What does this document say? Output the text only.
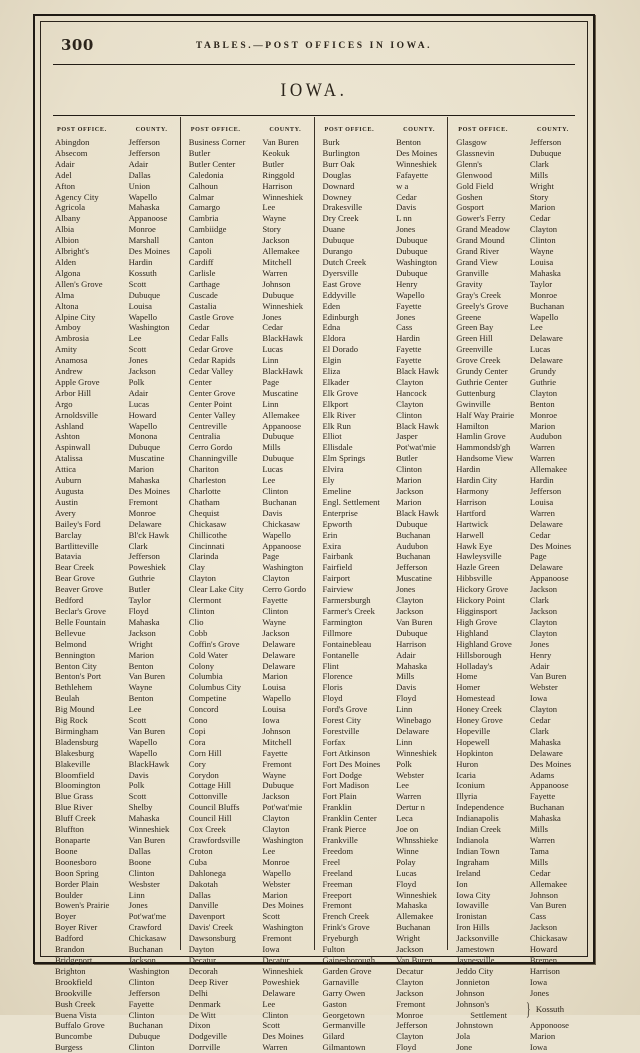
300	TABLES.—POST OFFICES IN IOWA.
IOWA.
POST OFFICE.	COUNTY.
Abingdon	Jefferson
Absecom	Jefferson
Adair	Adair
Adel	Dallas
Afton	Union
Agency City	Wapello
Agricola	Mahaska
Albany	Appanoose
Albia	Monroe
Albion	Marshall
Albright's	Des Moines
Alden	Hardin
Algona	Kossuth
Allen's Grove	Scott
Alma	Dubuque
Altona	Louisa
Alpine City	Wapello
Amboy	Washington
Ambrosia	Lee
Amity	Scott
Anamosa	Jones
Andrew	Jackson
Apple Grove	Polk
Arbor Hill	Adair
Argo	Lucas
Arnoldsville	Howard
Ashland	Wapello
Ashton	Monona
Aspinwall	Dubuque
Atalissa	Muscatine
Attica	Marion
Auburn	Mahaska
Augusta	Des Moines
Austin	Fremont
Avery	Monroe
Bailey's Ford	Delaware
Barclay	Bl'ck Hawk
Bartlitteville	Clark
Batavia	Jefferson
Bear Creek	Poweshiek
Bear Grove	Guthrie
Beaver Grove	Butler
Bedford	Taylor
Beclar's Grove	Floyd
Belle Fountain	Mahaska
Bellevue	Jackson
Belmond	Wright
Bennington	Marion
Benton City	Benton
Benton's Port	Van Buren
Bethlehem	Wayne
Beulah	Benton
Big Mound	Lee
Big Rock	Scott
Birmingham	Van Buren
Bladensburg	Wapello
Blakesburg	Wapello
Blakeville	BlackHawk
Bloomfield	Davis
Bloomington	Polk
Blue Grass	Scott
Blue River	Shelby
Bluff Creek	Mahaska
Bluffton	Winneshiek
Bonaparte	Van Buren
Boone	Dallas
Boonesboro	Boone
Boon Spring	Clinton
Border Plain	Wesbster
Boulder	Linn
Bowen's Prairie	Jones
Boyer	Pot'wat'me
Boyer River	Crawford
Badford	Chickasaw
Brandon	Buchanan
Bridgeport	Jackson
Brighton	Washington
Brookfield	Clinton
Brookville	Jefferson
Bush Creek	Fayette
Buena Vista	Clinton
Buffalo Grove	Buchanan
Buncombe	Dubuque
Burgess	Clinton
POST OFFICE.	COUNTY.
Business Corner	Van Buren
Butler	Keokuk
Butler Center	Butler
Caledonia	Ringgold
Calhoun	Harrison
Calmar	Winneshiek
Camargo	Lee
Cambria	Wayne
Cambiidge	Story
Canton	Jackson
Capoli	Allemakee
Cardiff	Mitchell
Carlisle	Warren
Carthage	Johnson
Cuscade	Dubuque
Castalia	Winneshiek
Castle Grove	Jones
Cedar	Cedar
Cedar Falls	BlackHawk
Cedar Grove	Lucas
Cedar Rapids	Linn
Cedar Valley	BlackHawk
Center	Page
Center Grove	Muscatine
Center Point	Linn
Center Valley	Allemakee
Centreville	Appanoose
Centralia	Dubuque
Cerro Gordo	Mills
Channingville	Dubuque
Chariton	Lucas
Charleston	Lee
Charlotte	Clinton
Chatham	Buchanan
Chequist	Davis
Chickasaw	Chickasaw
Chillicothe	Wapello
Cincinnati	Appanoose
Clarinda	Page
Clay	Washington
Clayton	Clayton
Clear Lake City	Cerro Gordo
Clermont	Fayette
Clinton	Clinton
Clio	Wayne
Cobb	Jackson
Coffin's Grove	Delaware
Cold Water	Delaware
Colony	Delaware
Columbia	Marion
Columbus City	Louisa
Competine	Wapello
Concord	Louisa
Cono	Iowa
Copi	Johnson
Cora	Mitchell
Corn Hill	Fayette
Cory	Fremont
Corydon	Wayne
Cottage Hill	Dubuque
Cottonville	Jackson
Council Bluffs	Pot'wat'mie
Council Hill	Clayton
Cox Creek	Clayton
Crawfordsville	Washington
Croton	Lee
Cuba	Monroe
Dahlonega	Wapello
Dakotah	Webster
Dallas	Marion
Danville	Des Moines
Davenport	Scott
Davis' Creek	Washington
Dawsonsburg	Fremont
Dayton	Iowa
Decatur	Decatur
Decorah	Winneshiek
Deep River	Poweshiek
Delhi	Delaware
Denmark	Lee
De Witt	Clinton
Dixon	Scott
Dodgeville	Des Moines
Dorrville	Warren
POST OFFICE.	COUNTY.
Burk	Benton
Burlington	Des Moines
Burr Oak	Winneshiek
Douglas	Fafayette
Downard	w a
Downey	Cedar
Drakesville	Davis
Dry Creek	L nn
Duane	Jones
Dubuque	Dubuque
Durango	Dubuque
Dutch Creek	Washington
Dyersville	Dubuque
East Grove	Henry
Eddyville	Wapello
Eden	Fayette
Edinburgh	Jones
Edna	Cass
Eldora	Hardin
El Dorado	Fayette
Elgin	Fayette
Eliza	Black Hawk
Elkader	Clayton
Elk Grove	Hancock
Elkport	Clayton
Elk River	Clinton
Elk Run	Black Hawk
Elliot	Jasper
Ellisdale	Pot'wat'mie
Elm Springs	Butler
Elvira	Clinton
Ely	Marion
Emeline	Jackson
Engl. Settlement	Marion
Enterprise	Black Hawk
Epworth	Dubuque
Erin	Buchanan
Exira	Audubon
Fairbank	Buchanan
Fairfield	Jefferson
Fairport	Muscatine
Fairview	Jones
Farmersburgh	Clayton
Farmer's Creek	Jackson
Farmington	Van Buren
Fillmore	Dubuque
Fontainebleau	Harrison
Fontanelle	Adair
Flint	Mahaska
Florence	Mills
Floris	Davis
Floyd	Floyd
Ford's Grove	Linn
Forest City	Winebago
Forestville	Delaware
Forfax	Linn
Fort Atkinson	Winneshiek
Fort Des Moines	Polk
Fort Dodge	Webster
Fort Madison	Lee
Fort Plain	Warren
Franklin	Dertur n
Franklin Center	Leca
Frank Pierce	Joe on
Frankville	Whnsshieke
Freedom	Winne
Freel	Polay
Freeland	Lucas
Freeman	Floyd
Freeport	Winneshiek
Fremont	Mahaska
French Creek	Allemakee
Frink's Grove	Buchanan
Fryeburgh	Wright
Fulton	Jackson
Gainesborough	Van Buren
Garden Grove	Decatur
Garnaville	Clayton
Garry Owen	Jackson
Gaston	Fremont
Georgetown	Monroe
Germanville	Jefferson
Gilard	Clayton
Gilmantown	Floyd
POST OFFICE.	COUNTY.
Glasgow	Jefferson
Glassnevin	Dubuque
Glenn's	Clark
Glenwood	Mills
Gold Field	Wright
Goshen	Story
Gosport	Marion
Gower's Ferry	Cedar
Grand Meadow	Clayton
Grand Mound	Clinton
Grand River	Wayne
Grand View	Louisa
Granville	Mahaska
Gravity	Taylor
Gray's Creek	Monroe
Greely's Grove	Buchanan
Greene	Wapello
Green Bay	Lee
Green Hill	Delaware
Greenville	Lucas
Grove Creek	Delaware
Grundy Center	Grundy
Guthrie Center	Guthrie
Guttenburg	Clayton
Gwinville	Benton
Half Way Prairie	Monroe
Hamilton	Marion
Hamlin Grove	Audubon
Hammondsb'gh	Warren
Handsome View	Warren
Hardin	Allemakee
Hardin City	Hardin
Harmony	Jefferson
Harrison	Louisa
Hartford	Warren
Hartwick	Delaware
Harwell	Cedar
Hawk Eye	Des Moines
Hawleysville	Page
Hazle Green	Delaware
Hibbsville	Appanoose
Hickory Grove	Jackson
Hickory Point	Clark
Higginsport	Jackson
High Grove	Clayton
Highland	Clayton
Highland Grove	Jones
Hillsborough	Henry
Holladay's	Adair
Home	Van Buren
Homer	Webster
Homestead	Iowa
Honey Creek	Clayton
Honey Grove	Cedar
Hopeville	Clark
Hopewell	Mahaska
Hopkinton	Delaware
Huron	Des Moines
Icaria	Adams
Iconium	Appanoose
Illyria	Fayette
Independence	Buchanan
Indianapolis	Mahaska
Indian Creek	Mills
Indianola	Warren
Indian Town	Tama
Ingraham	Mills
Ireland	Cedar
Ion	Allemakee
Iowa City	Johnson
Iowaville	Van Buren
Ironistan	Cass
Iron Hills	Jackson
Jacksonville	Chickasaw
Jamestown	Howard
Jaynesville	Bremen
Jeddo City	Harrison
Jonnieton	Iowa
Johnson	Jones
Johnson's
Settlement	} Kossuth
Johnstown	Apponoose
Jola	Marion
Jone	Iowa
